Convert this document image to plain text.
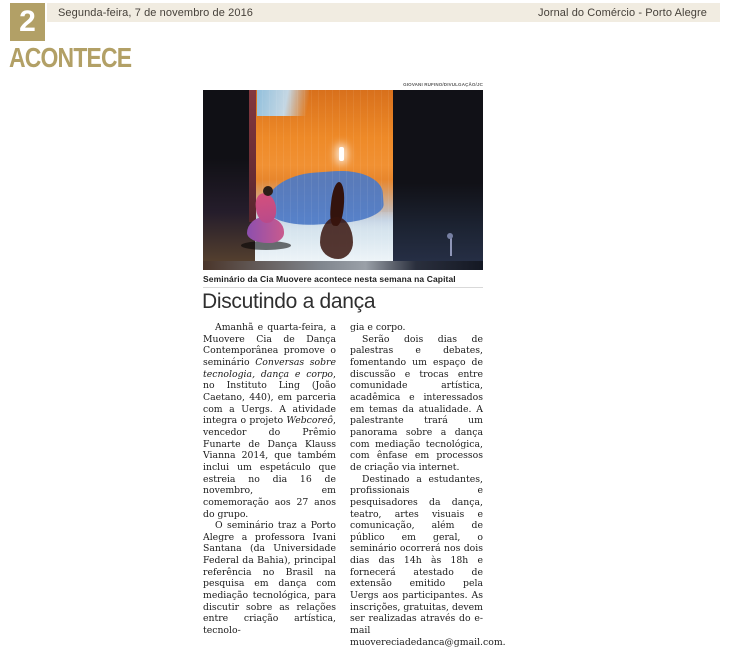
2 Segunda-feira, 7 de novembro de 2016	Jornal do Comércio - Porto Alegre
ACONTECE
GIOVANI RUFINO/DIVULGAÇÃO/JC
Seminário da Cia Muovere acontece nesta semana na Capital
Discutindo a dança

Amanhã e quarta-feira, a Muovere Cia de Dança Contemporânea promove o seminário Conversas sobre tecnologia, dança e corpo, no Instituto Ling (João Caetano, 440), em parceria com a Uergs. A atividade integra o projeto Webcoreô, vencedor do Prêmio Funarte de Dança Klauss Vianna 2014, que também inclui um espetáculo que estreia no dia 16 de novembro, em comemoração aos 27 anos do grupo.

O seminário traz a Porto Alegre a professora Ivani Santana (da Universidade Federal da Bahia), principal referência no Brasil na pesquisa em dança com mediação tecnológica, para discutir sobre as relações entre criação artística, tecnolo-

gia e corpo.

Serão dois dias de palestras e debates, fomentando um espaço de discussão e trocas entre comunidade artística, acadêmica e interessados em temas da atualidade. A palestrante trará um panorama sobre a dança com mediação tecnológica, com ênfase em processos de criação via internet.

Destinado a estudantes, profissionais e pesquisadores da dança, teatro, artes visuais e comunicação, além de público em geral, o seminário ocorrerá nos dois dias das 14h às 18h e fornecerá atestado de extensão emitido pela Uergs aos participantes. As inscrições, gratuitas, devem ser realizadas através do e-mail muovereciadedanca@gmail.com.
